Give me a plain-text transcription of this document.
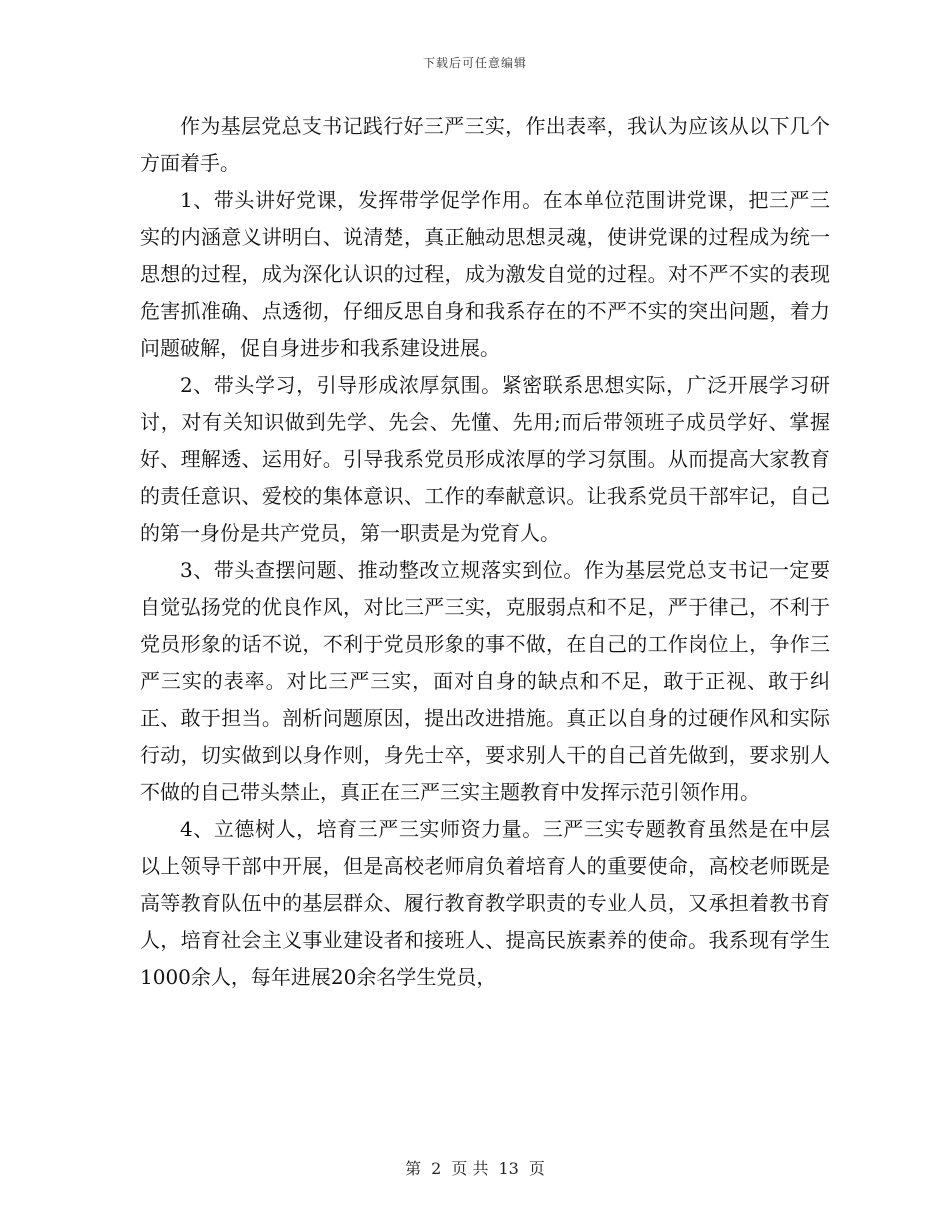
下载后可任意编辑

作为基层党总支书记践行好三严三实，作出表率，我认为应该从以下几个方面着手。

1、带头讲好党课，发挥带学促学作用。在本单位范围讲党课，把三严三实的内涵意义讲明白、说清楚，真正触动思想灵魂，使讲党课的过程成为统一思想的过程，成为深化认识的过程，成为激发自觉的过程。对不严不实的表现危害抓准确、点透彻，仔细反思自身和我系存在的不严不实的突出问题，着力问题破解，促自身进步和我系建设进展。

2、带头学习，引导形成浓厚氛围。紧密联系思想实际，广泛开展学习研讨，对有关知识做到先学、先会、先懂、先用;而后带领班子成员学好、掌握好、理解透、运用好。引导我系党员形成浓厚的学习氛围。从而提高大家教育的责任意识、爱校的集体意识、工作的奉献意识。让我系党员干部牢记，自己的第一身份是共产党员，第一职责是为党育人。

3、带头查摆问题、推动整改立规落实到位。作为基层党总支书记一定要自觉弘扬党的优良作风，对比三严三实，克服弱点和不足，严于律己，不利于党员形象的话不说，不利于党员形象的事不做，在自己的工作岗位上，争作三严三实的表率。对比三严三实，面对自身的缺点和不足，敢于正视、敢于纠正、敢于担当。剖析问题原因，提出改进措施。真正以自身的过硬作风和实际行动，切实做到以身作则，身先士卒，要求别人干的自己首先做到，要求别人不做的自己带头禁止，真正在三严三实主题教育中发挥示范引领作用。

4、立德树人，培育三严三实师资力量。三严三实专题教育虽然是在中层以上领导干部中开展，但是高校老师肩负着培育人的重要使命，高校老师既是高等教育队伍中的基层群众、履行教育教学职责的专业人员，又承担着教书育人，培育社会主义事业建设者和接班人、提高民族素养的使命。我系现有学生1000余人，每年进展20余名学生党员，

第 2 页 共 13 页
